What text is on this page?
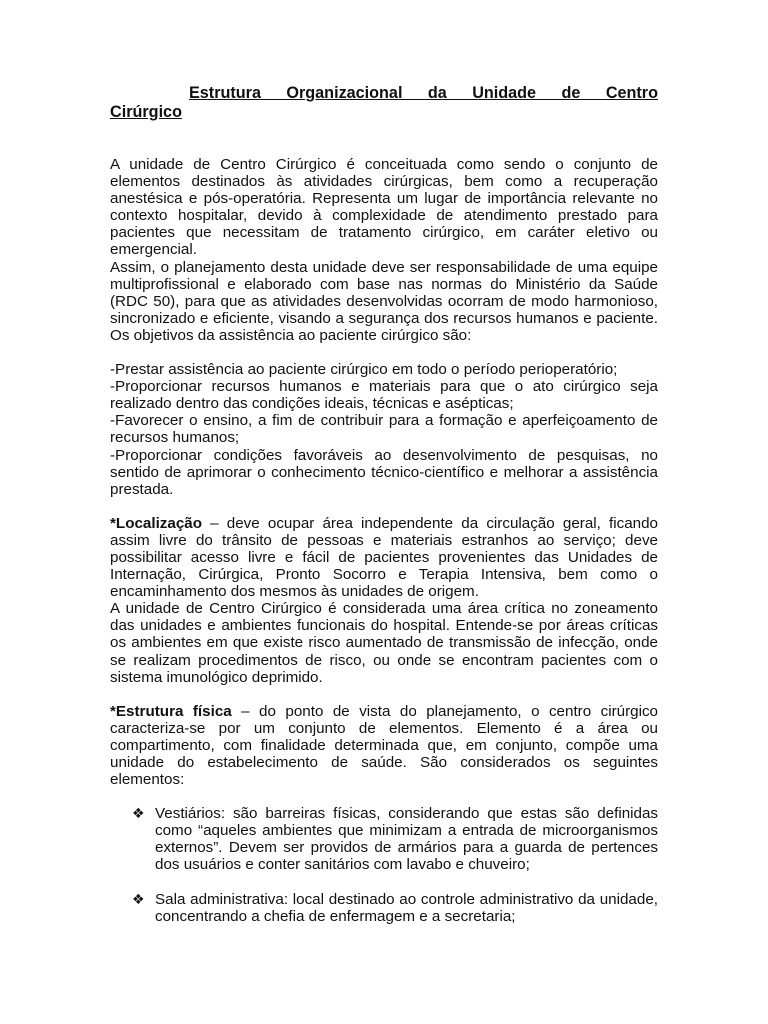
Estrutura Organizacional da Unidade de Centro Cirúrgico

A unidade de Centro Cirúrgico é conceituada como sendo o conjunto de elementos destinados às atividades cirúrgicas, bem como a recuperação anestésica e pós-operatória. Representa um lugar de importância relevante no contexto hospitalar, devido à complexidade de atendimento prestado para pacientes que necessitam de tratamento cirúrgico, em caráter eletivo ou emergencial.

Assim, o planejamento desta unidade deve ser responsabilidade de uma equipe multiprofissional e elaborado com base nas normas do Ministério da Saúde (RDC 50), para que as atividades desenvolvidas ocorram de modo harmonioso, sincronizado e eficiente, visando a segurança dos recursos humanos e paciente. Os objetivos da assistência ao paciente cirúrgico são:

-Prestar assistência ao paciente cirúrgico em todo o período perioperatório;

-Proporcionar recursos humanos e materiais para que o ato cirúrgico seja realizado dentro das condições ideais, técnicas e asépticas;

-Favorecer o ensino, a fim de contribuir para a formação e aperfeiçoamento de recursos humanos;

-Proporcionar condições favoráveis ao desenvolvimento de pesquisas, no sentido de aprimorar o conhecimento técnico-científico e melhorar a assistência prestada.

*Localização – deve ocupar área independente da circulação geral, ficando assim livre do trânsito de pessoas e materiais estranhos ao serviço; deve possibilitar acesso livre e fácil de pacientes provenientes das Unidades de Internação, Cirúrgica, Pronto Socorro e Terapia Intensiva, bem como o encaminhamento dos mesmos às unidades de origem.

A unidade de Centro Cirúrgico é considerada uma área crítica no zoneamento das unidades e ambientes funcionais do hospital. Entende-se por áreas críticas os ambientes em que existe risco aumentado de transmissão de infecção, onde se realizam procedimentos de risco, ou onde se encontram pacientes com o sistema imunológico deprimido.

*Estrutura física – do ponto de vista do planejamento, o centro cirúrgico caracteriza-se por um conjunto de elementos. Elemento é a área ou compartimento, com finalidade determinada que, em conjunto, compõe uma unidade do estabelecimento de saúde. São considerados os seguintes elementos:

❖ Vestiários: são barreiras físicas, considerando que estas são definidas como “aqueles ambientes que minimizam a entrada de microorganismos externos”. Devem ser providos de armários para a guarda de pertences dos usuários e conter sanitários com lavabo e chuveiro;
❖ Sala administrativa: local destinado ao controle administrativo da unidade, concentrando a chefia de enfermagem e a secretaria;
